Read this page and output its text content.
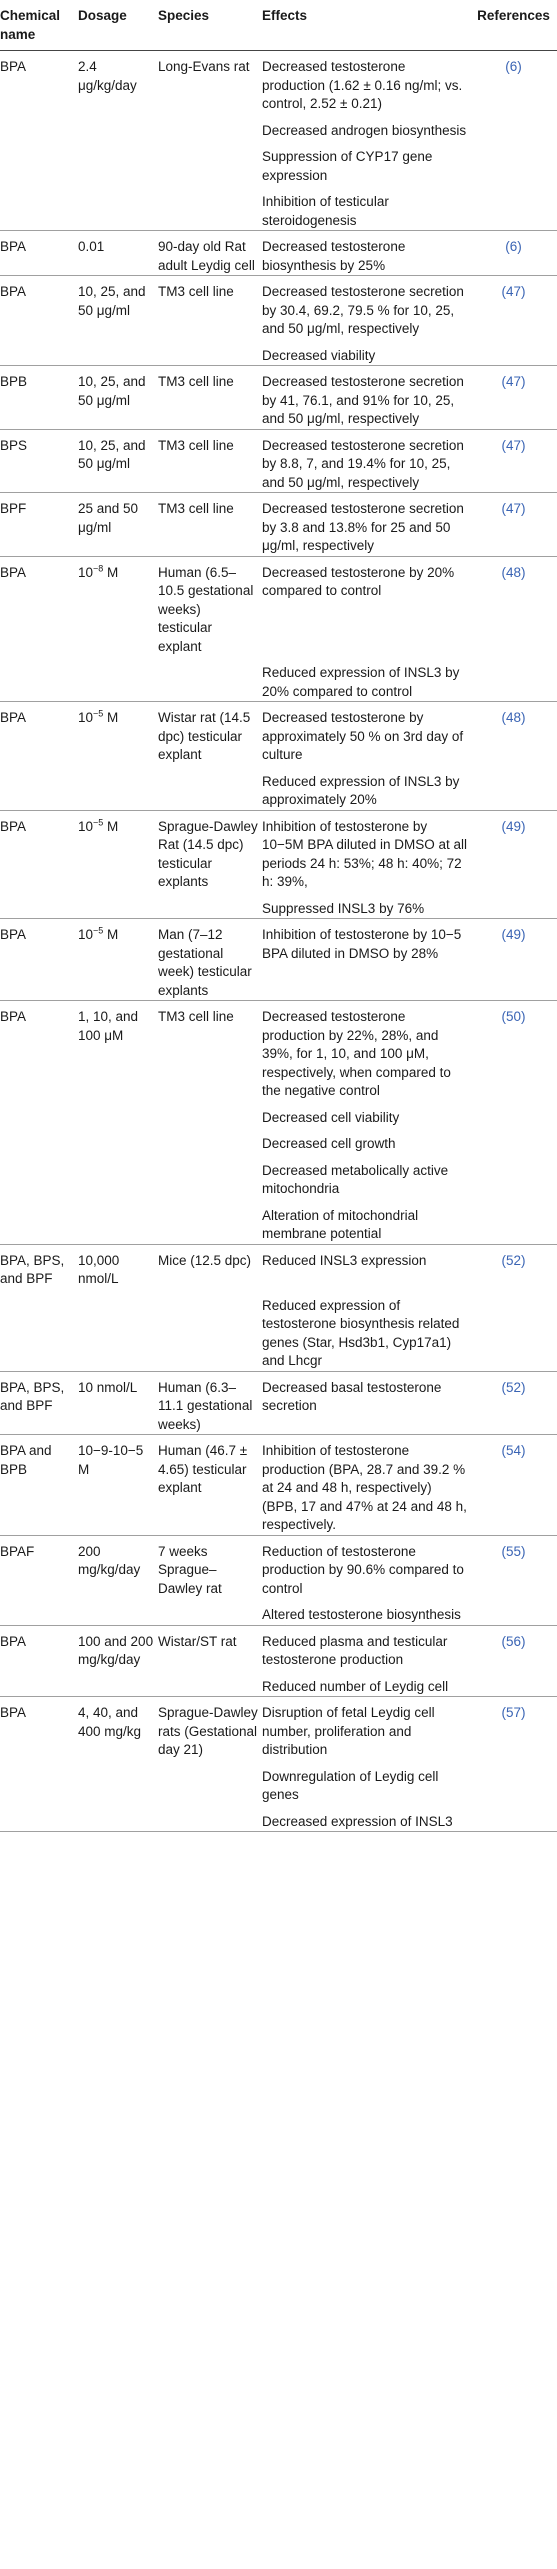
Chemical name	Dosage	Species	Effects	References
BPA	2.4 μg/kg/day	Long-Evans rat	Decreased testosterone production (1.62 ± 0.16 ng/ml; vs. control, 2.52 ± 0.21)	(6)
			Decreased androgen biosynthesis	
			Suppression of CYP17 gene expression	
			Inhibition of testicular steroidogenesis	
BPA	0.01	90-day old Rat adult Leydig cell	Decreased testosterone biosynthesis by 25%	(6)
BPA	10, 25, and 50 μg/ml	TM3 cell line	Decreased testosterone secretion by 30.4, 69.2, 79.5 % for 10, 25, and 50 μg/ml, respectively	(47)
			Decreased viability	
BPB	10, 25, and 50 μg/ml	TM3 cell line	Decreased testosterone secretion by 41, 76.1, and 91% for 10, 25, and 50 μg/ml, respectively	(47)
BPS	10, 25, and 50 μg/ml	TM3 cell line	Decreased testosterone secretion by 8.8, 7, and 19.4% for 10, 25, and 50 μg/ml, respectively	(47)
BPF	25 and 50 μg/ml	TM3 cell line	Decreased testosterone secretion by 3.8 and 13.8% for 25 and 50 μg/ml, respectively	(47)
BPA	$10^{-8}$ M	Human (6.5–10.5 gestational weeks) testicular explant	Decreased testosterone by 20% compared to control	(48)
			Reduced expression of INSL3 by 20% compared to control	
BPA	$10^{-5}$ M	Wistar rat (14.5 dpc) testicular explant	Decreased testosterone by approximately 50 % on 3rd day of culture	(48)
			Reduced expression of INSL3 by approximately 20%	
BPA	$10^{-5}$ M	Sprague-Dawley Rat (14.5 dpc) testicular explants	Inhibition of testosterone by 10−5M BPA diluted in DMSO at all periods 24 h: 53%; 48 h: 40%; 72 h: 39%,	(49)
			Suppressed INSL3 by 76%	
BPA	$10^{-5}$ M	Man (7–12 gestational week) testicular explants	Inhibition of testosterone by 10−5 BPA diluted in DMSO by 28%	(49)
BPA	1, 10, and 100 μM	TM3 cell line	Decreased testosterone production by 22%, 28%, and 39%, for 1, 10, and 100 μM, respectively, when compared to the negative control	(50)
			Decreased cell viability	
			Decreased cell growth	
			Decreased metabolically active mitochondria	
			Alteration of mitochondrial membrane potential	
BPA, BPS, and BPF	10,000 nmol/L	Mice (12.5 dpc)	Reduced INSL3 expression	(52)
			Reduced expression of testosterone biosynthesis related genes (Star, Hsd3b1, Cyp17a1) and Lhcgr	
BPA, BPS, and BPF	10 nmol/L	Human (6.3–11.1 gestational weeks)	Decreased basal testosterone secretion	(52)
BPA and BPB	10−9-10−5 M	Human (46.7 ± 4.65) testicular explant	Inhibition of testosterone production (BPA, 28.7 and 39.2 % at 24 and 48 h, respectively) (BPB, 17 and 47% at 24 and 48 h, respectively.	(54)
BPAF	200 mg/kg/day	7 weeks Sprague–Dawley rat	Reduction of testosterone production by 90.6% compared to control	(55)
			Altered testosterone biosynthesis	
BPA	100 and 200 mg/kg/day	Wistar/ST rat	Reduced plasma and testicular testosterone production	(56)
			Reduced number of Leydig cell	
BPA	4, 40, and 400 mg/kg	Sprague-Dawley rats (Gestational day 21)	Disruption of fetal Leydig cell number, proliferation and distribution	(57)
			Downregulation of Leydig cell genes	
			Decreased expression of INSL3	
